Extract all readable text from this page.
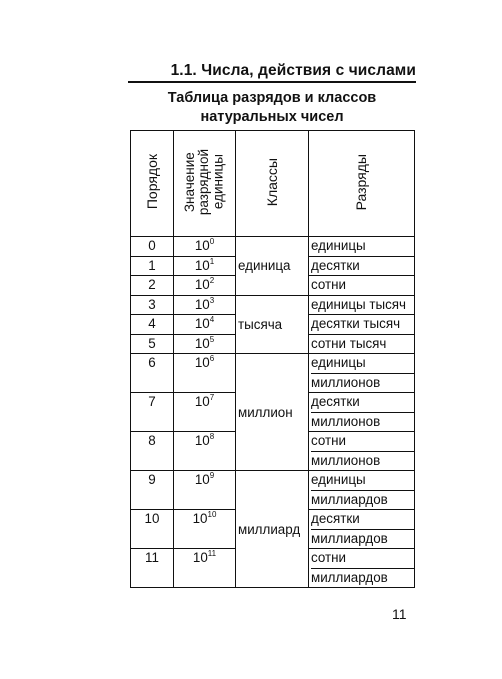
1.1. Числа, действия с числами
Таблица разрядов и классов
натуральных чисел
Порядок	Значение
разрядной
единицы	Классы	Разряды
0	$10^0$	единица	единицы

1	$10^1$		десятки

2	$10^2$		сотни

3	$10^3$	тысяча	единицы тысяч

4	$10^4$		десятки тысяч

5	$10^5$		сотни тысяч

6	$10^6$	миллион	единицы
миллионов

7	$10^7$		десятки
миллионов

8	$10^8$		сотни
миллионов

9	$10^9$	миллиард	единицы
миллиардов

10	$10^{10}$		десятки
миллиардов

11	$10^{11}$		сотни
миллиардов
11
